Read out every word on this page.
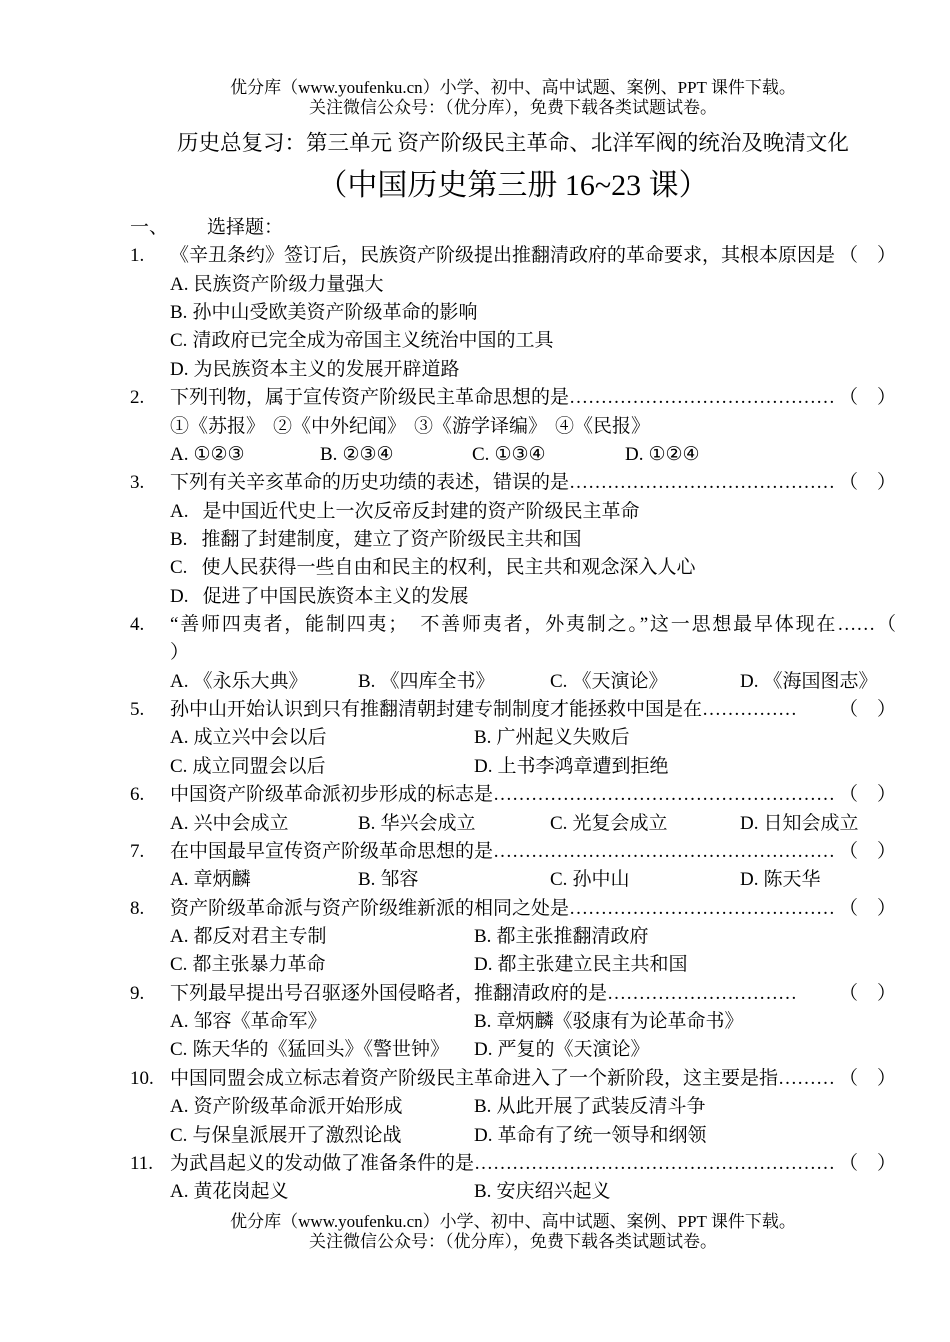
优分库（www.youfenku.cn）小学、初中、高中试题、案例、PPT 课件下载。
关注微信公众号：（优分库），免费下载各类试题试卷。
历史总复习：第三单元 资产阶级民主革命、北洋军阀的统治及晚清文化
（中国历史第三册 16~23 课）
一、	选择题：
1.	《辛丑条约》签订后，民族资产阶级提出推翻清政府的革命要求，其根本原因是 （    ）
A. 民族资产阶级力量强大
B. 孙中山受欧美资产阶级革命的影响
C. 清政府已完全成为帝国主义统治中国的工具
D. 为民族资本主义的发展开辟道路
2.	下列刊物，属于宣传资产阶级民主革命思想的是 …………………………………… （    ）
①《苏报》 ②《中外纪闻》 ③《游学译编》 ④《民报》
A. ①②③	B. ②③④	C. ①③④	D. ①②④
3.	下列有关辛亥革命的历史功绩的表述，错误的是 …………………………………… （    ）
A. 是中国近代史上一次反帝反封建的资产阶级民主革命
B. 推翻了封建制度，建立了资产阶级民主共和国
C. 使人民获得一些自由和民主的权利，民主共和观念深入人心
D. 促进了中国民族资本主义的发展
4.	“善师四夷者，能制四夷；  不善师夷者，外夷制之。”这一思想最早体现在……（
）
A. 《永乐大典》	B. 《四库全书》	C. 《天演论》	D. 《海国图志》
5.	孙中山开始认识到只有推翻清朝封建专制制度才能拯救中国是在 …………… （    ）
A. 成立兴中会以后	B. 广州起义失败后
C. 成立同盟会以后	D. 上书李鸿章遭到拒绝
6.	中国资产阶级革命派初步形成的标志是 ……………………………………………… （    ）
A. 兴中会成立	B. 华兴会成立	C. 光复会成立	D. 日知会成立
7.	在中国最早宣传资产阶级革命思想的是 ……………………………………………… （    ）
A. 章炳麟	B. 邹容	C. 孙中山	D. 陈天华
8.	资产阶级革命派与资产阶级维新派的相同之处是 …………………………………… （    ）
A. 都反对君主专制	B. 都主张推翻清政府
C. 都主张暴力革命	D. 都主张建立民主共和国
9.	下列最早提出号召驱逐外国侵略者，推翻清政府的是 ………………………… （    ）
A. 邹容《革命军》	B. 章炳麟《驳康有为论革命书》
C. 陈天华的《猛回头》《警世钟》	D. 严复的《天演论》
10. 中国同盟会成立标志着资产阶级民主革命进入了一个新阶段，这主要是指 ……… （    ）
A. 资产阶级革命派开始形成	B. 从此开展了武装反清斗争
C. 与保皇派展开了激烈论战	D. 革命有了统一领导和纲领
11. 为武昌起义的发动做了准备条件的是 ………………………………………………… （    ）
A. 黄花岗起义	B. 安庆绍兴起义
优分库（www.youfenku.cn）小学、初中、高中试题、案例、PPT 课件下载。
关注微信公众号：（优分库），免费下载各类试题试卷。
